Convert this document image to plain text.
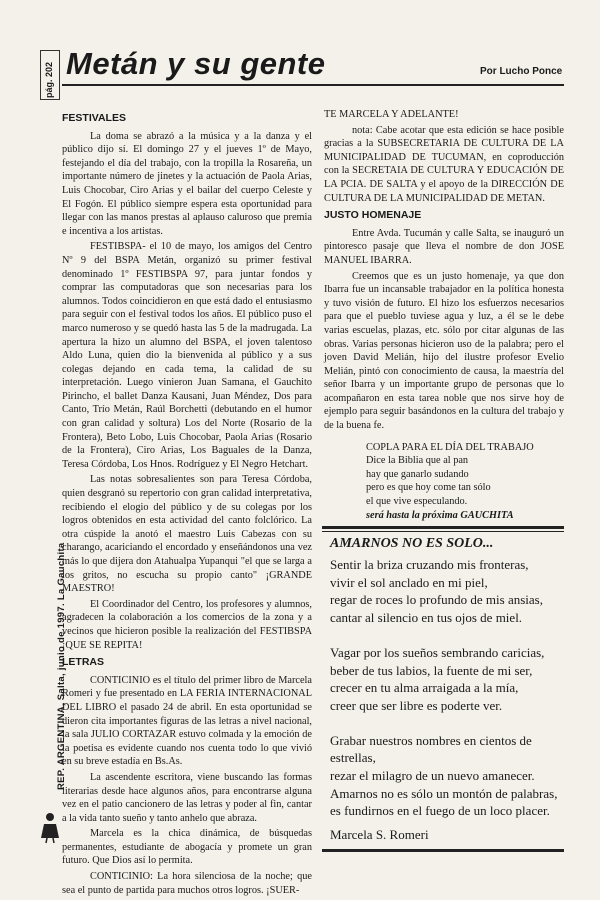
pág. 202
REP. ARGENTINA, Salta, junio de 1997. La Gauchita
Metán y su gente	Por Lucho Ponce
FESTIVALES

La doma se abrazó a la música y a la danza y el público dijo sí. El domingo 27 y el jueves 1º de Mayo, festejando el día del trabajo, con la tropilla la Rosareña, un importante número de jinetes y la actuación de Paola Arias, Luis Chocobar, Ciro Arias y el bailar del cuerpo Celeste y El Fogón. El público siempre espera esta oportunidad para llegar con las manos prestas al aplauso caluroso que premia e incentiva a los artistas.

FESTIBSPA- el 10 de mayo, los amigos del Centro Nº 9 del BSPA Metán, organizó su primer festival denominado 1º FESTIBSPA 97, para juntar fondos y comprar las computadoras que son necesarias para los alumnos. Todos coincidieron en que está dado el entusiasmo para seguir con el festival todos los años. El público puso el marco numeroso y se quedó hasta las 5 de la madrugada. La apertura la hizo un alumno del BSPA, el joven talentoso Aldo Luna, quien dio la bienvenida al público y a sus colegas dejando en cada tema, la calidad de su interpretación. Luego vinieron Juan Samana, el Gauchito Pirincho, el ballet Danza Kausani, Juan Méndez, Dos para Canto, Trío Metán, Raúl Borchetti (debutando en el humor con gran calidad y soltura) Los del Norte (Rosario de la Frontera), Beto Lobo, Luis Chocobar, Paola Arias (Rosario de la Frontera), Ciro Arias, Los Baguales de la Danza, Teresa Córdoba, Los Hnos. Rodríguez y El Negro Hetchart.

Las notas sobresalientes son para Teresa Córdoba, quien desgranó su repertorio con gran calidad interpretativa, recibiendo el elogio del público y de su colegas por los logros obtenidos en esta actividad del canto folclórico. La otra cúspide la anotó el maestro Luis Cabezas con su charango, acariciando el encordado y enseñándonos una vez más lo que dijera don Atahualpa Yupanqui "el que se larga a los gritos, no escucha su propio canto" ¡GRANDE MAESTRO!

El Coordinador del Centro, los profesores y alumnos, agradecen la colaboración a los comercios de la zona y a vecinos que hicieron posible la realización del FESTIBSPA ¡QUE SE REPITA!

LETRAS

CONTICINIO es el título del primer libro de Marcela Romeri y fue presentado en LA FERIA INTERNACIONAL DEL LIBRO el pasado 24 de abril. En esta oportunidad se dieron cita importantes figuras de las letras a nivel nacional, la sala JULIO CORTAZAR estuvo colmada y la emoción de la poetisa es evidente cuando nos cuenta todo lo que vivió en su breve estadía en Bs.As.

La ascendente escritora, viene buscando las formas literarias desde hace algunos años, para encontrarse alguna vez en el patio cancionero de las letras y poder al fin, cantar a la vida tanto sueño y tanto anhelo que abraza.

Marcela es la chica dinámica, de búsquedas permanentes, estudiante de abogacía y promete un gran futuro. Que Dios así lo permita.

CONTICINIO: La hora silenciosa de la noche; que sea el punto de partida para muchos otros logros. ¡SUER-

TE MARCELA Y ADELANTE!

nota: Cabe acotar que esta edición se hace posible gracias a la SUBSECRETARIA DE CULTURA DE LA MUNICIPALIDAD DE TUCUMAN, en coproducción con la SECRETAIA DE CULTURA Y EDUCACIÓN DE LA PCIA. DE SALTA y el apoyo de la DIRECCIÓN DE CULTURA DE LA MUNICIPALIDAD DE METAN.

JUSTO HOMENAJE

Entre Avda. Tucumán y calle Salta, se inauguró un pintoresco pasaje que lleva el nombre de don JOSE MANUEL IBARRA.

Creemos que es un justo homenaje, ya que don Ibarra fue un incansable trabajador en la política honesta y tuvo visión de futuro. El hizo los esfuerzos necesarios para que el pueblo tuviese agua y luz, a él se le debe varias escuelas, plazas, etc. sólo por citar algunas de las obras. Varias personas hicieron uso de la palabra; pero el joven David Melián, hijo del ilustre profesor Evelio Melián, pintó con conocimiento de causa, la maestría del señor Ibarra y un importante grupo de personas que lo acompañaron en esta tarea noble que nos sirve hoy de ejemplo para seguir basándonos en la cultura del trabajo y de la buena fe.

COPLA PARA EL DÍA DEL TRABAJO
Dice la Biblia que al pan
hay que ganarlo sudando
pero es que hoy come tan sólo
el que vive especulando.
será hasta la próxima GAUCHITA
AMARNOS NO ES SOLO...
Sentir la briza cruzando mis fronteras,
vivir el sol anclado en mi piel,
regar de roces lo profundo de mis ansias,
cantar al silencio en tus ojos de miel.
Vagar por los sueños sembrando caricias,
beber de tus labios, la fuente de mi ser,
crecer en tu alma arraigada a la mía,
creer que ser libre es poderte ver.
Grabar nuestros nombres en cientos de estrellas,
rezar el milagro de un nuevo amanecer.
Amarnos no es sólo un montón de palabras,
es fundirnos en el fuego de un loco placer.
Marcela S. Romeri
